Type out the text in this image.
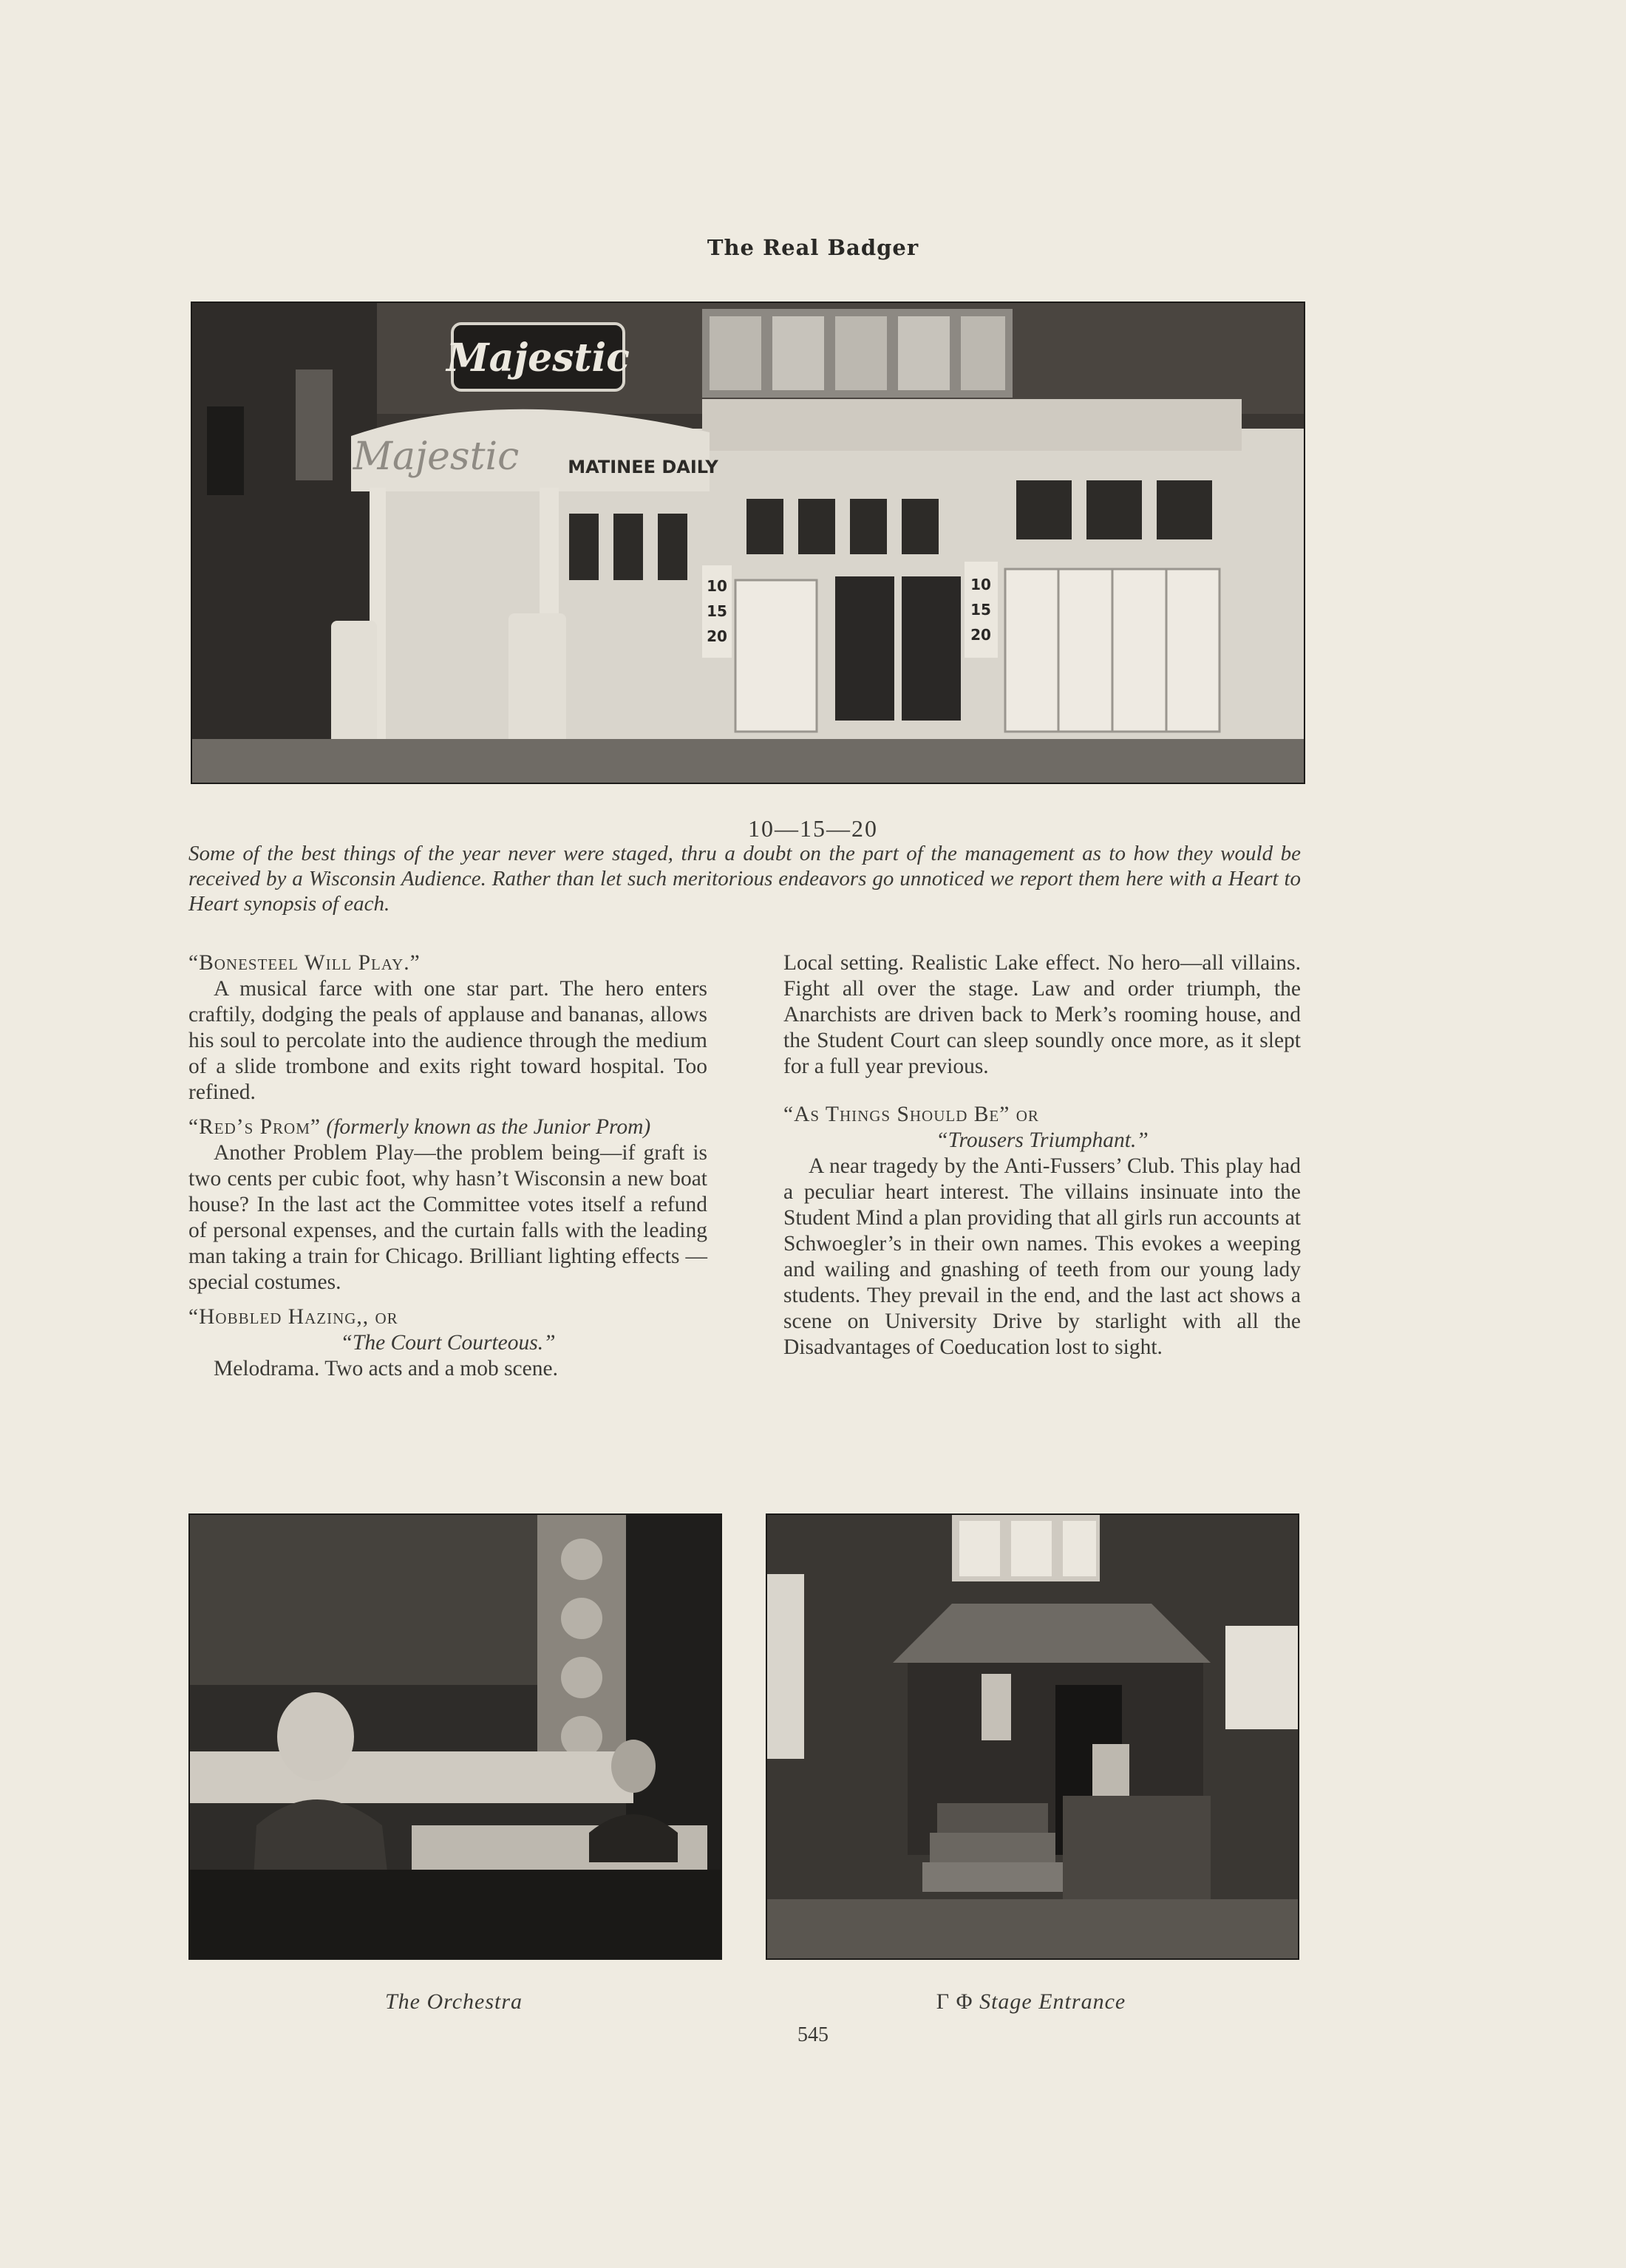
The Real Badger
Majestic
Majestic	MATINEE DAILY
10 15 20
10 15 20
10—15—20
Some of the best things of the year never were staged, thru a doubt on the part of the management as to how they would be received by a Wisconsin Audience. Rather than let such meritorious endeavors go unnoticed we report them here with a Heart to Heart synopsis of each.

“Bonesteel Will Play.”

A musical farce with one star part. The hero enters craftily, dodging the peals of applause and bananas, allows his soul to percolate into the audience through the medium of a slide trombone and exits right toward hospital. Too refined.

“Red’s Prom” (formerly known as the Junior Prom)

Another Problem Play—the problem being—if graft is two cents per cubic foot, why hasn’t Wisconsin a new boat house? In the last act the Committee votes itself a refund of personal expenses, and the curtain falls with the leading man taking a train for Chicago. Brilliant lighting effects —special costumes.

“Hobbled Hazing,, or

“The Court Courteous.”

Melodrama. Two acts and a mob scene.

Local setting. Realistic Lake effect. No hero—all villains. Fight all over the stage. Law and order triumph, the Anarchists are driven back to Merk’s rooming house, and the Student Court can sleep soundly once more, as it slept for a full year previous.

“As Things Should Be” or

“Trousers Triumphant.”

A near tragedy by the Anti-Fussers’ Club. This play had a peculiar heart interest. The villains insinuate into the Student Mind a plan providing that all girls run accounts at Schwoegler’s in their own names. This evokes a weeping and wailing and gnashing of teeth from our young lady students. They prevail in the end, and the last act shows a scene on University Drive by starlight with all the Disadvantages of Coeducation lost to sight.

The Orchestra	Γ Φ Stage Entrance
545
